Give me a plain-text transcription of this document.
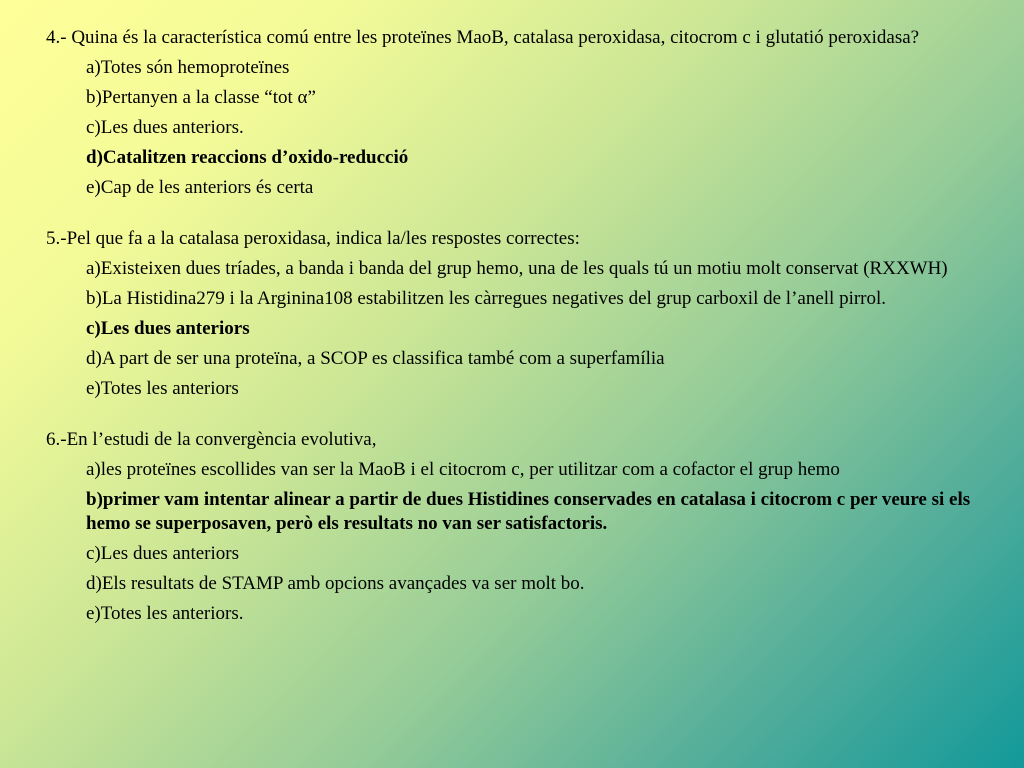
4.- Quina és la característica comú entre les proteïnes MaoB, catalasa peroxidasa, citocrom c i glutatió peroxidasa?
a)Totes són hemoproteïnes
b)Pertanyen a la classe “tot α”
c)Les dues anteriors.
d)Catalitzen reaccions d’oxido-reducció
e)Cap de les anteriors és certa
5.-Pel que fa a la catalasa peroxidasa, indica la/les respostes correctes:
a)Existeixen dues tríades, a banda i banda del grup hemo, una de les quals tú un motiu molt conservat (RXXWH)
b)La Histidina279 i la Arginina108 estabilitzen les càrregues negatives del grup carboxil de l’anell pirrol.
c)Les dues anteriors
d)A part de ser una proteïna, a SCOP es classifica també com a superfamília
e)Totes les anteriors
6.-En l’estudi de la convergència evolutiva,
a)les proteïnes escollides van ser la MaoB i el citocrom c, per utilitzar com a cofactor el grup hemo
b)primer vam intentar alinear a partir de dues Histidines conservades en catalasa i citocrom c per veure si els hemo se superposaven, però els resultats no van ser satisfactoris.
c)Les dues anteriors
d)Els resultats de STAMP amb opcions avançades va ser molt bo.
e)Totes les anteriors.
